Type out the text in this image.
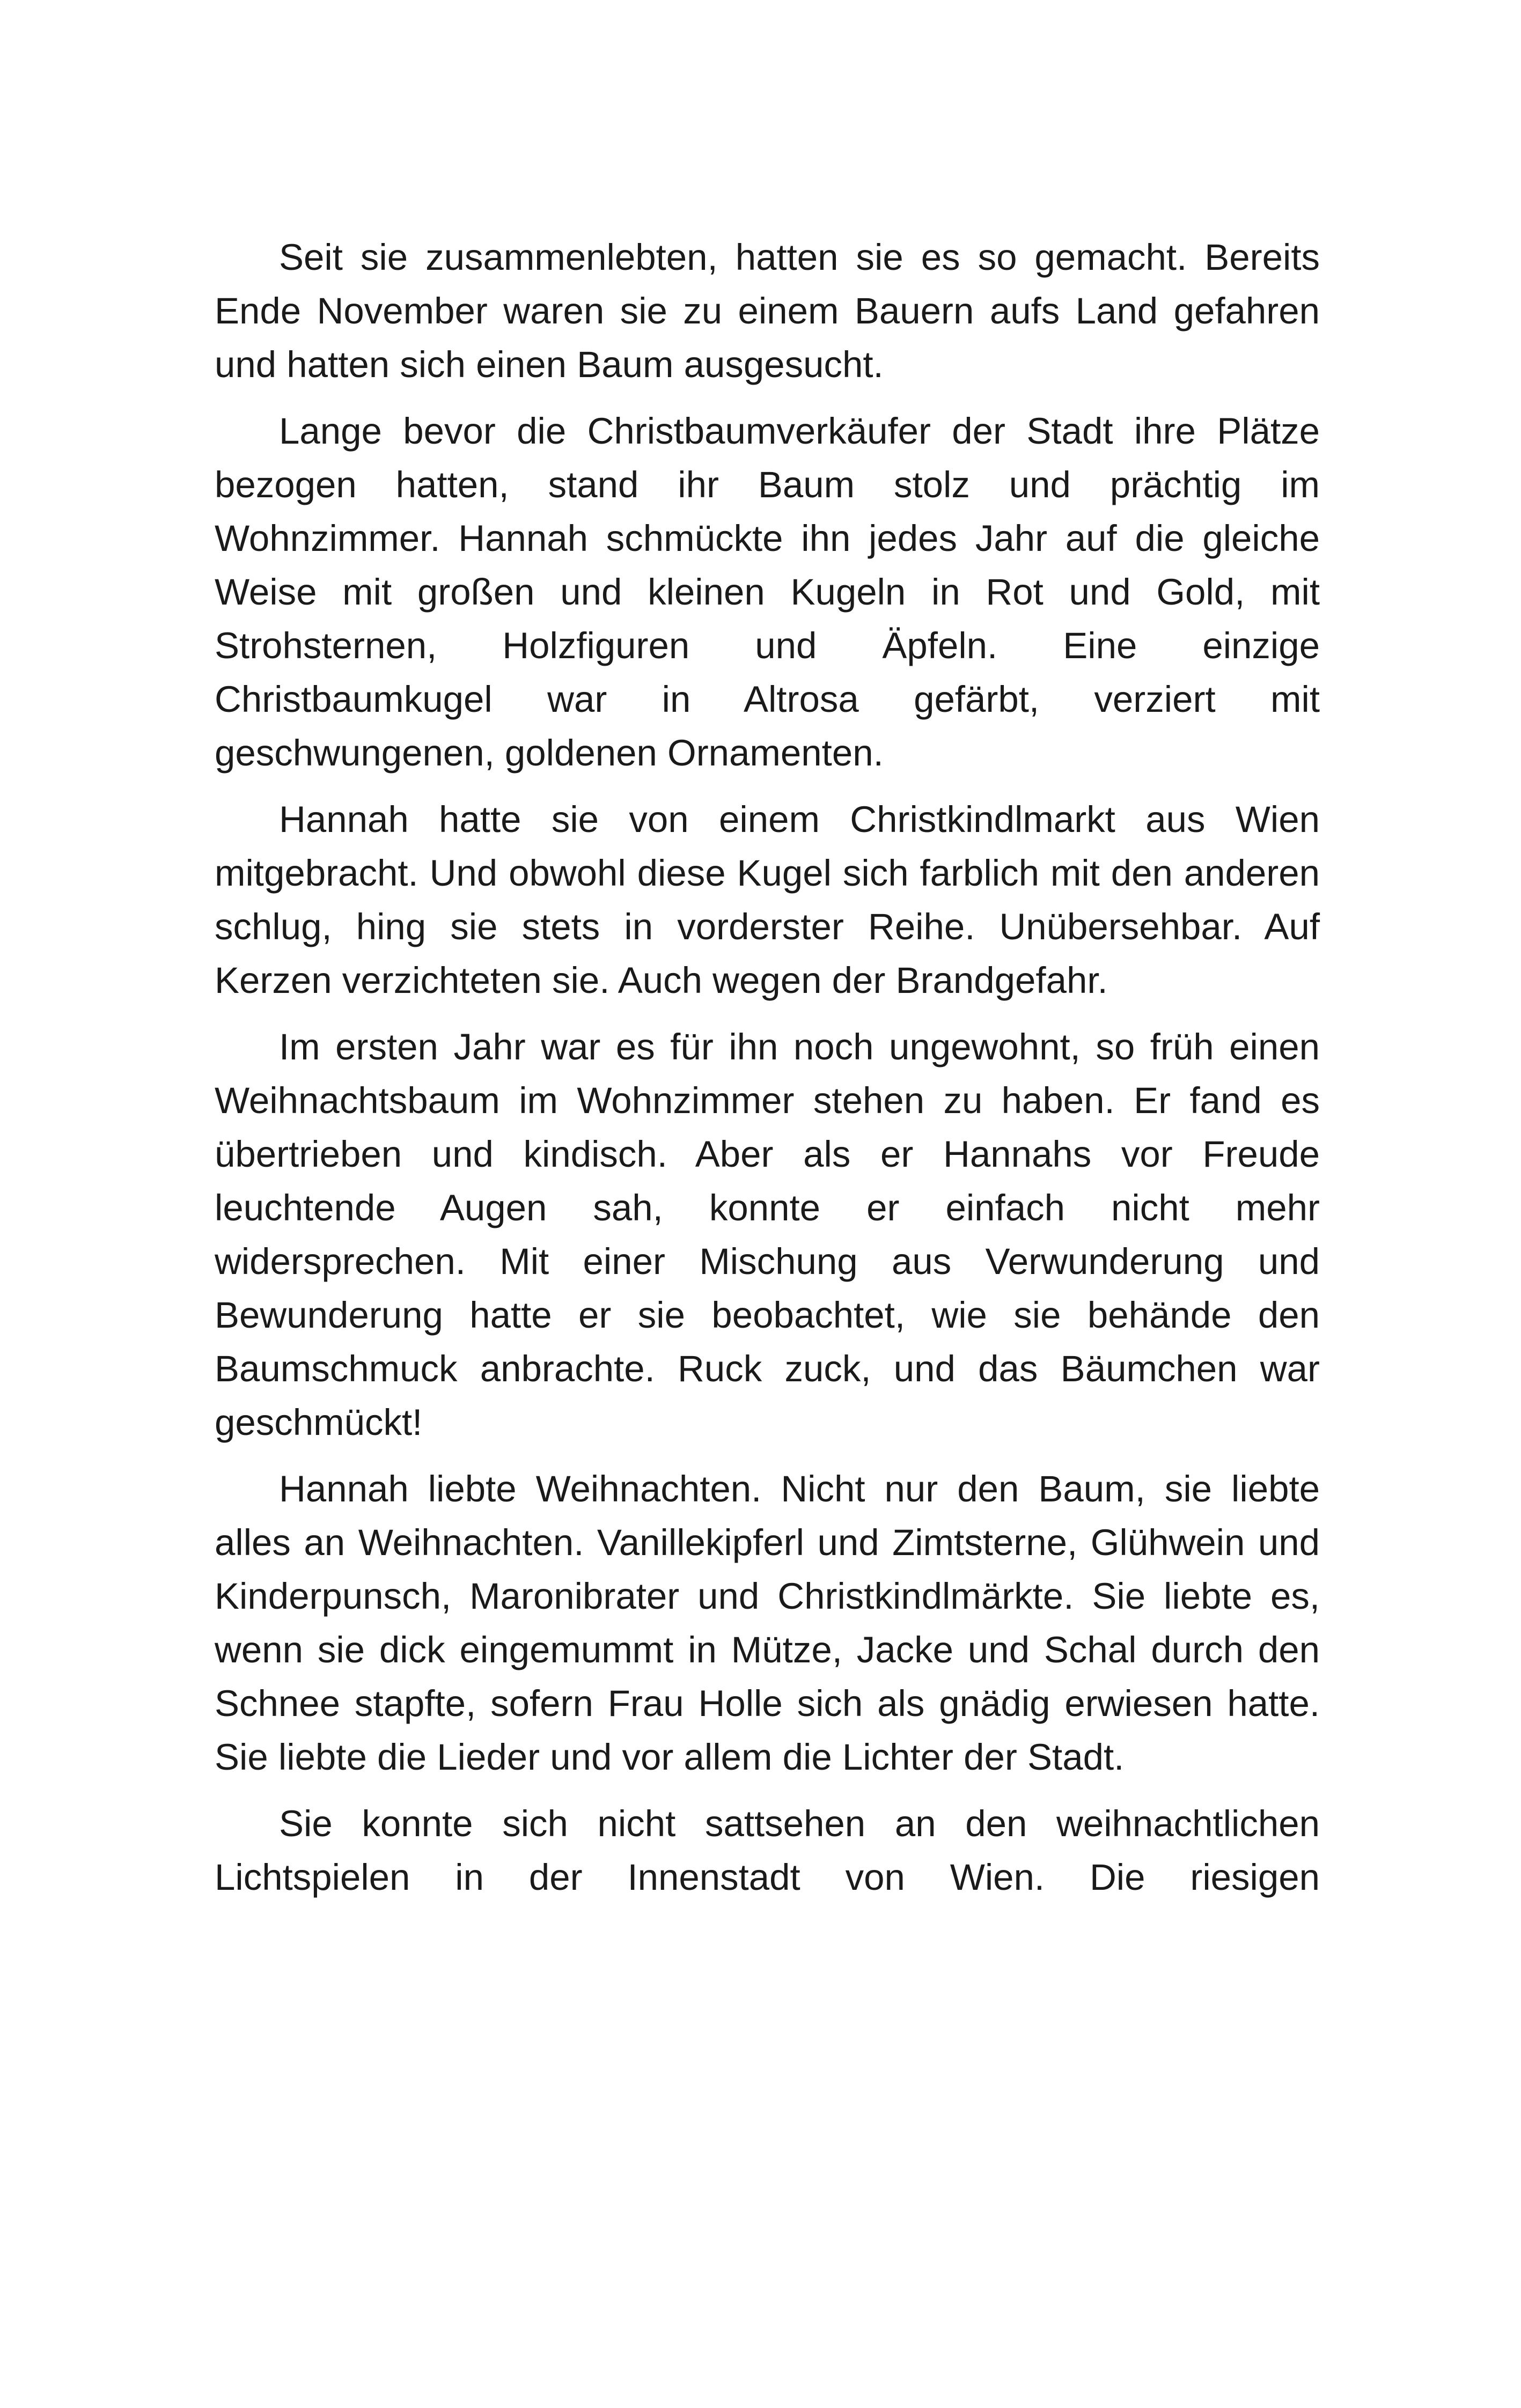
Seit sie zusammenlebten, hatten sie es so gemacht. Bereits Ende November waren sie zu einem Bauern aufs Land gefahren und hatten sich einen Baum ausgesucht.

Lange bevor die Christbaumverkäufer der Stadt ihre Plätze bezogen hatten, stand ihr Baum stolz und prächtig im Wohnzimmer. Hannah schmückte ihn jedes Jahr auf die gleiche Weise mit großen und kleinen Kugeln in Rot und Gold, mit Strohsternen, Holzfiguren und Äpfeln. Eine einzige Christbaumkugel war in Altrosa gefärbt, verziert mit geschwungenen, goldenen Ornamenten.

Hannah hatte sie von einem Christkindlmarkt aus Wien mitgebracht. Und obwohl diese Kugel sich farblich mit den anderen schlug, hing sie stets in vorderster Reihe. Unübersehbar. Auf Kerzen verzichteten sie. Auch wegen der Brandgefahr.

Im ersten Jahr war es für ihn noch ungewohnt, so früh einen Weihnachtsbaum im Wohnzimmer stehen zu haben. Er fand es übertrieben und kindisch. Aber als er Hannahs vor Freude leuchtende Augen sah, konnte er einfach nicht mehr widersprechen. Mit einer Mischung aus Verwunderung und Bewunderung hatte er sie beobachtet, wie sie behände den Baumschmuck anbrachte. Ruck zuck, und das Bäumchen war geschmückt!

Hannah liebte Weihnachten. Nicht nur den Baum, sie liebte alles an Weihnachten. Vanillekipferl und Zimtsterne, Glühwein und Kinderpunsch, Maronibrater und Christkindlmärkte. Sie liebte es, wenn sie dick eingemummt in Mütze, Jacke und Schal durch den Schnee stapfte, sofern Frau Holle sich als gnädig erwiesen hatte. Sie liebte die Lieder und vor allem die Lichter der Stadt.

Sie konnte sich nicht sattsehen an den weihnachtlichen Lichtspielen in der Innenstadt von Wien. Die riesigen
